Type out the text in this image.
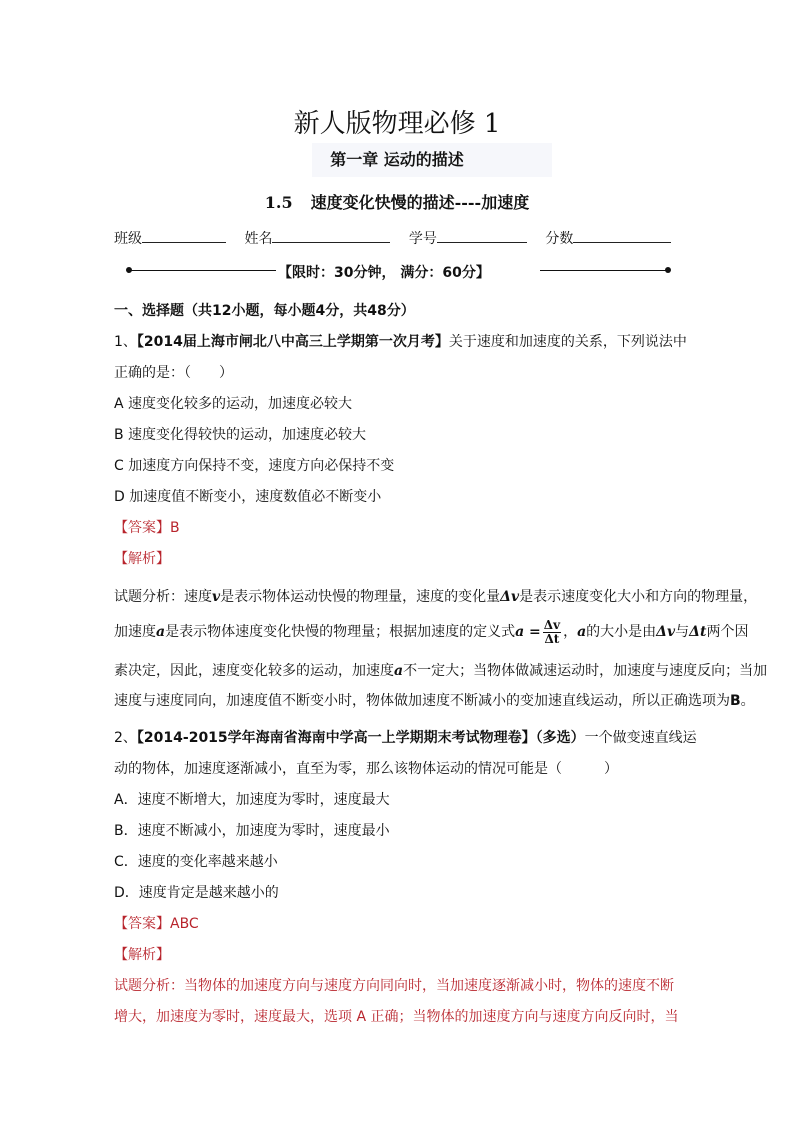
新人版物理必修 1
第一章 运动的描述
1.5 速度变化快慢的描述----加速度
班级	姓名	学号	分数
【限时：30分钟， 满分：60分】
一、选择题（共12小题，每小题4分，共48分）
1、【2014届上海市闸北八中高三上学期第一次月考】关于速度和加速度的关系，下列说法中
正确的是：（　　）
A 速度变化较多的运动，加速度必较大
B 速度变化得较快的运动，加速度必较大
C 加速度方向保持不变，速度方向必保持不变
D 加速度值不断变小，速度数值必不断变小
【答案】B
【解析】
试题分析：速度v是表示物体运动快慢的物理量，速度的变化量Δv是表示速度变化大小和方向的物理量，
加速度a是表示物体速度变化快慢的物理量；根据加速度的定义式$a = \frac{\Delta v}{\Delta t}$ ，a的大小是由Δv与Δt两个因
素决定，因此，速度变化较多的运动，加速度a不一定大；当物体做减速运动时，加速度与速度反向；当加
速度与速度同向，加速度值不断变小时，物体做加速度不断减小的变加速直线运动，所以正确选项为B。
2、【2014-2015学年海南省海南中学高一上学期期末考试物理卷】（多选）一个做变速直线运
动的物体，加速度逐渐减小，直至为零，那么该物体运动的情况可能是（　　　）
A．速度不断增大，加速度为零时，速度最大
B．速度不断减小，加速度为零时，速度最小
C．速度的变化率越来越小
D．速度肯定是越来越小的
【答案】ABC
【解析】
试题分析：当物体的加速度方向与速度方向同向时，当加速度逐渐减小时，物体的速度不断
增大，加速度为零时，速度最大，选项 A 正确；当物体的加速度方向与速度方向反向时，当
